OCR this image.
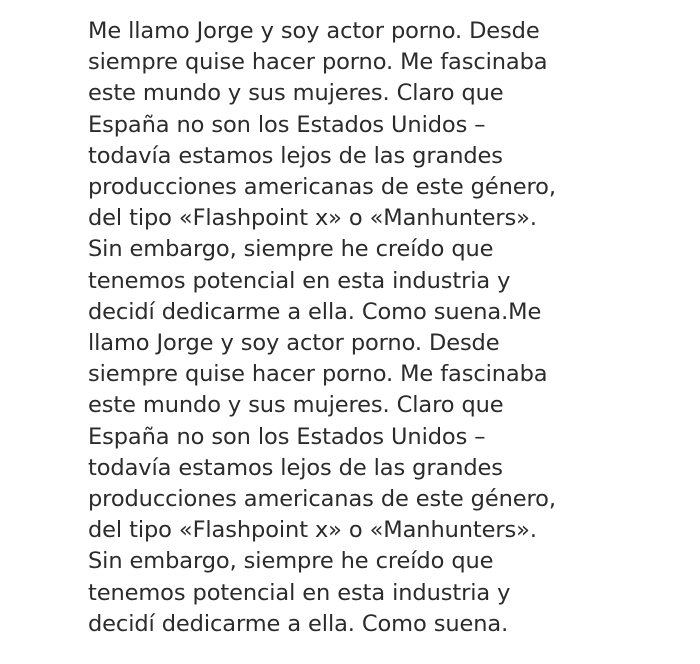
Me llamo Jorge y soy actor porno. Desde siempre quise hacer porno. Me fascinaba este mundo y sus mujeres. Claro que España no son los Estados Unidos – todavía estamos lejos de las grandes producciones americanas de este género, del tipo «Flashpoint x» o «Manhunters». Sin embargo, siempre he creído que tenemos potencial en esta industria y decidí dedicarme a ella. Como suena.Me llamo Jorge y soy actor porno. Desde siempre quise hacer porno. Me fascinaba este mundo y sus mujeres. Claro que España no son los Estados Unidos – todavía estamos lejos de las grandes producciones americanas de este género, del tipo «Flashpoint x» o «Manhunters». Sin embargo, siempre he creído que tenemos potencial en esta industria y decidí dedicarme a ella. Como suena.
